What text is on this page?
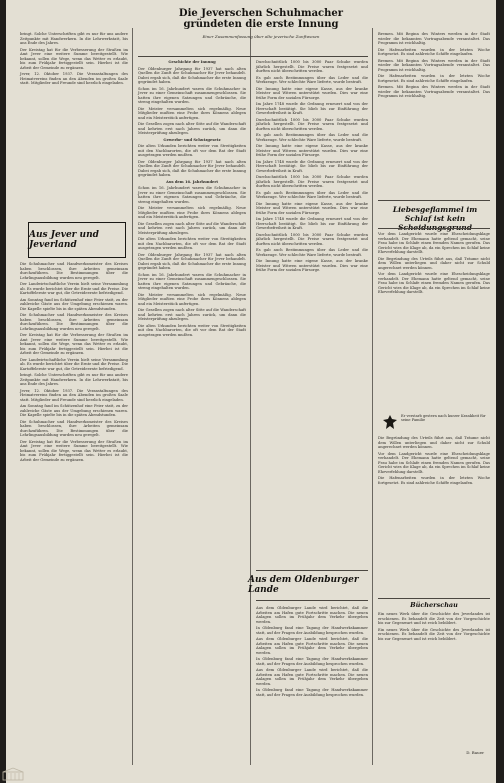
Die Jeverschen Schuhmacher gründeten die erste Innung
Einer Zusammenfassung über alte jeverische Zunftwesen

bringt. Solche Unterschriften gibt es nur für uns andere Zeitpunkte mit Handwerkern. In die Lehrwerkstatt, bis ans Ende des Jahres.

Der Kreistag hat für die Verbesserung der Straßen im Amt Jever eine weitere Summe bereitgestellt. Wie bekannt, sollen die Wege, wenn das Wetter es erlaubt, bis zum Frühjahr fertiggestellt sein. Hierbei ist die Arbeit der Gemeinde zu ergänzen.

Jever, 12. Oktober 1937. Die Veranstaltungen des Heimatvereins finden an den Abenden im großen Saale statt. Mitglieder und Freunde sind herzlich eingeladen.

Aus Jever und Jeverland

Die Schuhmacher und Handwerksmeister des Kreises haben beschlossen, ihre Arbeiten gemeinsam durchzuführen. Die Bestimmungen über die Lehrlingsausbildung wurden neu geregelt.

Der Landwirtschaftliche Verein hielt seine Versammlung ab. Es wurde berichtet über die Ernte und die Preise. Die Kartoffelernte war gut, die Getreideernte befriedigend.

Am Sonntag fand im Schützenhof eine Feier statt, zu der zahlreiche Gäste aus der Umgebung erschienen waren. Die Kapelle spielte bis in die späten Abendstunden.

Die Schuhmacher und Handwerksmeister des Kreises haben beschlossen, ihre Arbeiten gemeinsam durchzuführen. Die Bestimmungen über die Lehrlingsausbildung wurden neu geregelt.

Der Kreistag hat für die Verbesserung der Straßen im Amt Jever eine weitere Summe bereitgestellt. Wie bekannt, sollen die Wege, wenn das Wetter es erlaubt, bis zum Frühjahr fertiggestellt sein. Hierbei ist die Arbeit der Gemeinde zu ergänzen.

Der Landwirtschaftliche Verein hielt seine Versammlung ab. Es wurde berichtet über die Ernte und die Preise. Die Kartoffelernte war gut, die Getreideernte befriedigend.

bringt. Solche Unterschriften gibt es nur für uns andere Zeitpunkte mit Handwerkern. In die Lehrwerkstatt, bis ans Ende des Jahres.

Jever, 12. Oktober 1937. Die Veranstaltungen des Heimatvereins finden an den Abenden im großen Saale statt. Mitglieder und Freunde sind herzlich eingeladen.

Am Sonntag fand im Schützenhof eine Feier statt, zu der zahlreiche Gäste aus der Umgebung erschienen waren. Die Kapelle spielte bis in die späten Abendstunden.

Die Schuhmacher und Handwerksmeister des Kreises haben beschlossen, ihre Arbeiten gemeinsam durchzuführen. Die Bestimmungen über die Lehrlingsausbildung wurden neu geregelt.

Der Kreistag hat für die Verbesserung der Straßen im Amt Jever eine weitere Summe bereitgestellt. Wie bekannt, sollen die Wege, wenn das Wetter es erlaubt, bis zum Frühjahr fertiggestellt sein. Hierbei ist die Arbeit der Gemeinde zu ergänzen.

Geschichte der Innung

Der Oldenburger Jahrgang für 1937 hat nach alten Quellen die Zunft der Schuhmacher für Jever behandelt. Dabei ergab sich, daß die Schuhmacher die erste Innung gegründet haben.

Schon im 16. Jahrhundert waren die Schuhmacher in Jever zu einer Gemeinschaft zusammengeschlossen. Sie hatten ihre eigenen Satzungen und Gebräuche, die streng eingehalten wurden.

Die Meister versammelten sich regelmäßig. Neue Mitglieder mußten eine Probe ihres Könnens ablegen und ein Meisterstück anfertigen.

Die Gesellen zogen nach alter Sitte auf die Wanderschaft und kehrten erst nach Jahren zurück, um dann die Meisterprüfung abzulegen.

Gewerbe- und Schutzgesetz

Die alten Urkunden berichten weiter von Streitigkeiten mit den Nachbarorten, die oft vor dem Rat der Stadt ausgetragen werden mußten.

Der Oldenburger Jahrgang für 1937 hat nach alten Quellen die Zunft der Schuhmacher für Jever behandelt. Dabei ergab sich, daß die Schuhmacher die erste Innung gegründet haben.

Aus dem 16. Jahrhundert

Schon im 16. Jahrhundert waren die Schuhmacher in Jever zu einer Gemeinschaft zusammengeschlossen. Sie hatten ihre eigenen Satzungen und Gebräuche, die streng eingehalten wurden.

Die Meister versammelten sich regelmäßig. Neue Mitglieder mußten eine Probe ihres Könnens ablegen und ein Meisterstück anfertigen.

Die Gesellen zogen nach alter Sitte auf die Wanderschaft und kehrten erst nach Jahren zurück, um dann die Meisterprüfung abzulegen.

Die alten Urkunden berichten weiter von Streitigkeiten mit den Nachbarorten, die oft vor dem Rat der Stadt ausgetragen werden mußten.

Der Oldenburger Jahrgang für 1937 hat nach alten Quellen die Zunft der Schuhmacher für Jever behandelt. Dabei ergab sich, daß die Schuhmacher die erste Innung gegründet haben.

Schon im 16. Jahrhundert waren die Schuhmacher in Jever zu einer Gemeinschaft zusammengeschlossen. Sie hatten ihre eigenen Satzungen und Gebräuche, die streng eingehalten wurden.

Die Meister versammelten sich regelmäßig. Neue Mitglieder mußten eine Probe ihres Könnens ablegen und ein Meisterstück anfertigen.

Die Gesellen zogen nach alter Sitte auf die Wanderschaft und kehrten erst nach Jahren zurück, um dann die Meisterprüfung abzulegen.

Die alten Urkunden berichten weiter von Streitigkeiten mit den Nachbarorten, die oft vor dem Rat der Stadt ausgetragen werden mußten.

Durchschnittlich 1000 bis 3000 Paar Schuhe wurden jährlich hergestellt. Die Preise waren festgesetzt und durften nicht überschritten werden.

Es gab auch Bestimmungen über das Leder und die Werkzeuge. Wer schlechte Ware lieferte, wurde bestraft.

Die Innung hatte eine eigene Kasse, aus der kranke Meister und Witwen unterstützt wurden. Dies war eine frühe Form der sozialen Fürsorge.

Im Jahre 1748 wurde die Ordnung erneuert und von der Herrschaft bestätigt. Sie blieb bis zur Einführung der Gewerbefreiheit in Kraft.

Durchschnittlich 1000 bis 3000 Paar Schuhe wurden jährlich hergestellt. Die Preise waren festgesetzt und durften nicht überschritten werden.

Es gab auch Bestimmungen über das Leder und die Werkzeuge. Wer schlechte Ware lieferte, wurde bestraft.

Die Innung hatte eine eigene Kasse, aus der kranke Meister und Witwen unterstützt wurden. Dies war eine frühe Form der sozialen Fürsorge.

Im Jahre 1748 wurde die Ordnung erneuert und von der Herrschaft bestätigt. Sie blieb bis zur Einführung der Gewerbefreiheit in Kraft.

Durchschnittlich 1000 bis 3000 Paar Schuhe wurden jährlich hergestellt. Die Preise waren festgesetzt und durften nicht überschritten werden.

Es gab auch Bestimmungen über das Leder und die Werkzeuge. Wer schlechte Ware lieferte, wurde bestraft.

Die Innung hatte eine eigene Kasse, aus der kranke Meister und Witwen unterstützt wurden. Dies war eine frühe Form der sozialen Fürsorge.

Im Jahre 1748 wurde die Ordnung erneuert und von der Herrschaft bestätigt. Sie blieb bis zur Einführung der Gewerbefreiheit in Kraft.

Durchschnittlich 1000 bis 3000 Paar Schuhe wurden jährlich hergestellt. Die Preise waren festgesetzt und durften nicht überschritten werden.

Es gab auch Bestimmungen über das Leder und die Werkzeuge. Wer schlechte Ware lieferte, wurde bestraft.

Die Innung hatte eine eigene Kasse, aus der kranke Meister und Witwen unterstützt wurden. Dies war eine frühe Form der sozialen Fürsorge.

Aus dem Oldenburger Lande

Aus dem Oldenburger Lande wird berichtet, daß die Arbeiten am Hafen gute Fortschritte machen. Die neuen Anlagen sollen im Frühjahr dem Verkehr übergeben werden.

In Oldenburg fand eine Tagung der Handwerkskammer statt, auf der Fragen der Ausbildung besprochen wurden.

Aus dem Oldenburger Lande wird berichtet, daß die Arbeiten am Hafen gute Fortschritte machen. Die neuen Anlagen sollen im Frühjahr dem Verkehr übergeben werden.

In Oldenburg fand eine Tagung der Handwerkskammer statt, auf der Fragen der Ausbildung besprochen wurden.

Aus dem Oldenburger Lande wird berichtet, daß die Arbeiten am Hafen gute Fortschritte machen. Die neuen Anlagen sollen im Frühjahr dem Verkehr übergeben werden.

In Oldenburg fand eine Tagung der Handwerkskammer statt, auf der Fragen der Ausbildung besprochen wurden.

Bremen. Mit Beginn des Winters werden in der Stadt wieder die bekannten Vortragsabende veranstaltet. Das Programm ist reichhaltig.

Die Hafenarbeiten wurden in der letzten Woche fortgesetzt. Es sind zahlreiche Schiffe eingelaufen.

Bremen. Mit Beginn des Winters werden in der Stadt wieder die bekannten Vortragsabende veranstaltet. Das Programm ist reichhaltig.

Die Hafenarbeiten wurden in der letzten Woche fortgesetzt. Es sind zahlreiche Schiffe eingelaufen.

Bremen. Mit Beginn des Winters werden in der Stadt wieder die bekannten Vortragsabende veranstaltet. Das Programm ist reichhaltig.

Liebesgeflammel im Schlaf ist kein

Vor dem Landgericht wurde eine Ehescheidungsklage verhandelt. Der Ehemann hatte geltend gemacht, seine Frau habe im Schlafe einen fremden Namen gerufen. Das Gericht wies die Klage ab, da ein Sprechen im Schlaf keine Eheverfehlung darstellt.

Die Begründung des Urteils führt aus, daß Träume nicht dem Willen unterliegen und daher nicht zur Schuld angerechnet werden können.

Vor dem Landgericht wurde eine Ehescheidungsklage verhandelt. Der Ehemann hatte geltend gemacht, seine Frau habe im Schlafe einen fremden Namen gerufen. Das Gericht wies die Klage ab, da ein Sprechen im Schlaf keine Eheverfehlung darstellt.

Er verstarb gestern nach kurzer Krankheit für seine Familie

Die Begründung des Urteils führt aus, daß Träume nicht dem Willen unterliegen und daher nicht zur Schuld angerechnet werden können.

Vor dem Landgericht wurde eine Ehescheidungsklage verhandelt. Der Ehemann hatte geltend gemacht, seine Frau habe im Schlafe einen fremden Namen gerufen. Das Gericht wies die Klage ab, da ein Sprechen im Schlaf keine Eheverfehlung darstellt.

Die Hafenarbeiten wurden in der letzten Woche fortgesetzt. Es sind zahlreiche Schiffe eingelaufen.

Bücherschau

Ein neues Werk über die Geschichte des Jeverlandes ist erschienen. Es behandelt die Zeit von der Vorgeschichte bis zur Gegenwart und ist reich bebildert.

Ein neues Werk über die Geschichte des Jeverlandes ist erschienen. Es behandelt die Zeit von der Vorgeschichte bis zur Gegenwart und ist reich bebildert.

D. Bauer
